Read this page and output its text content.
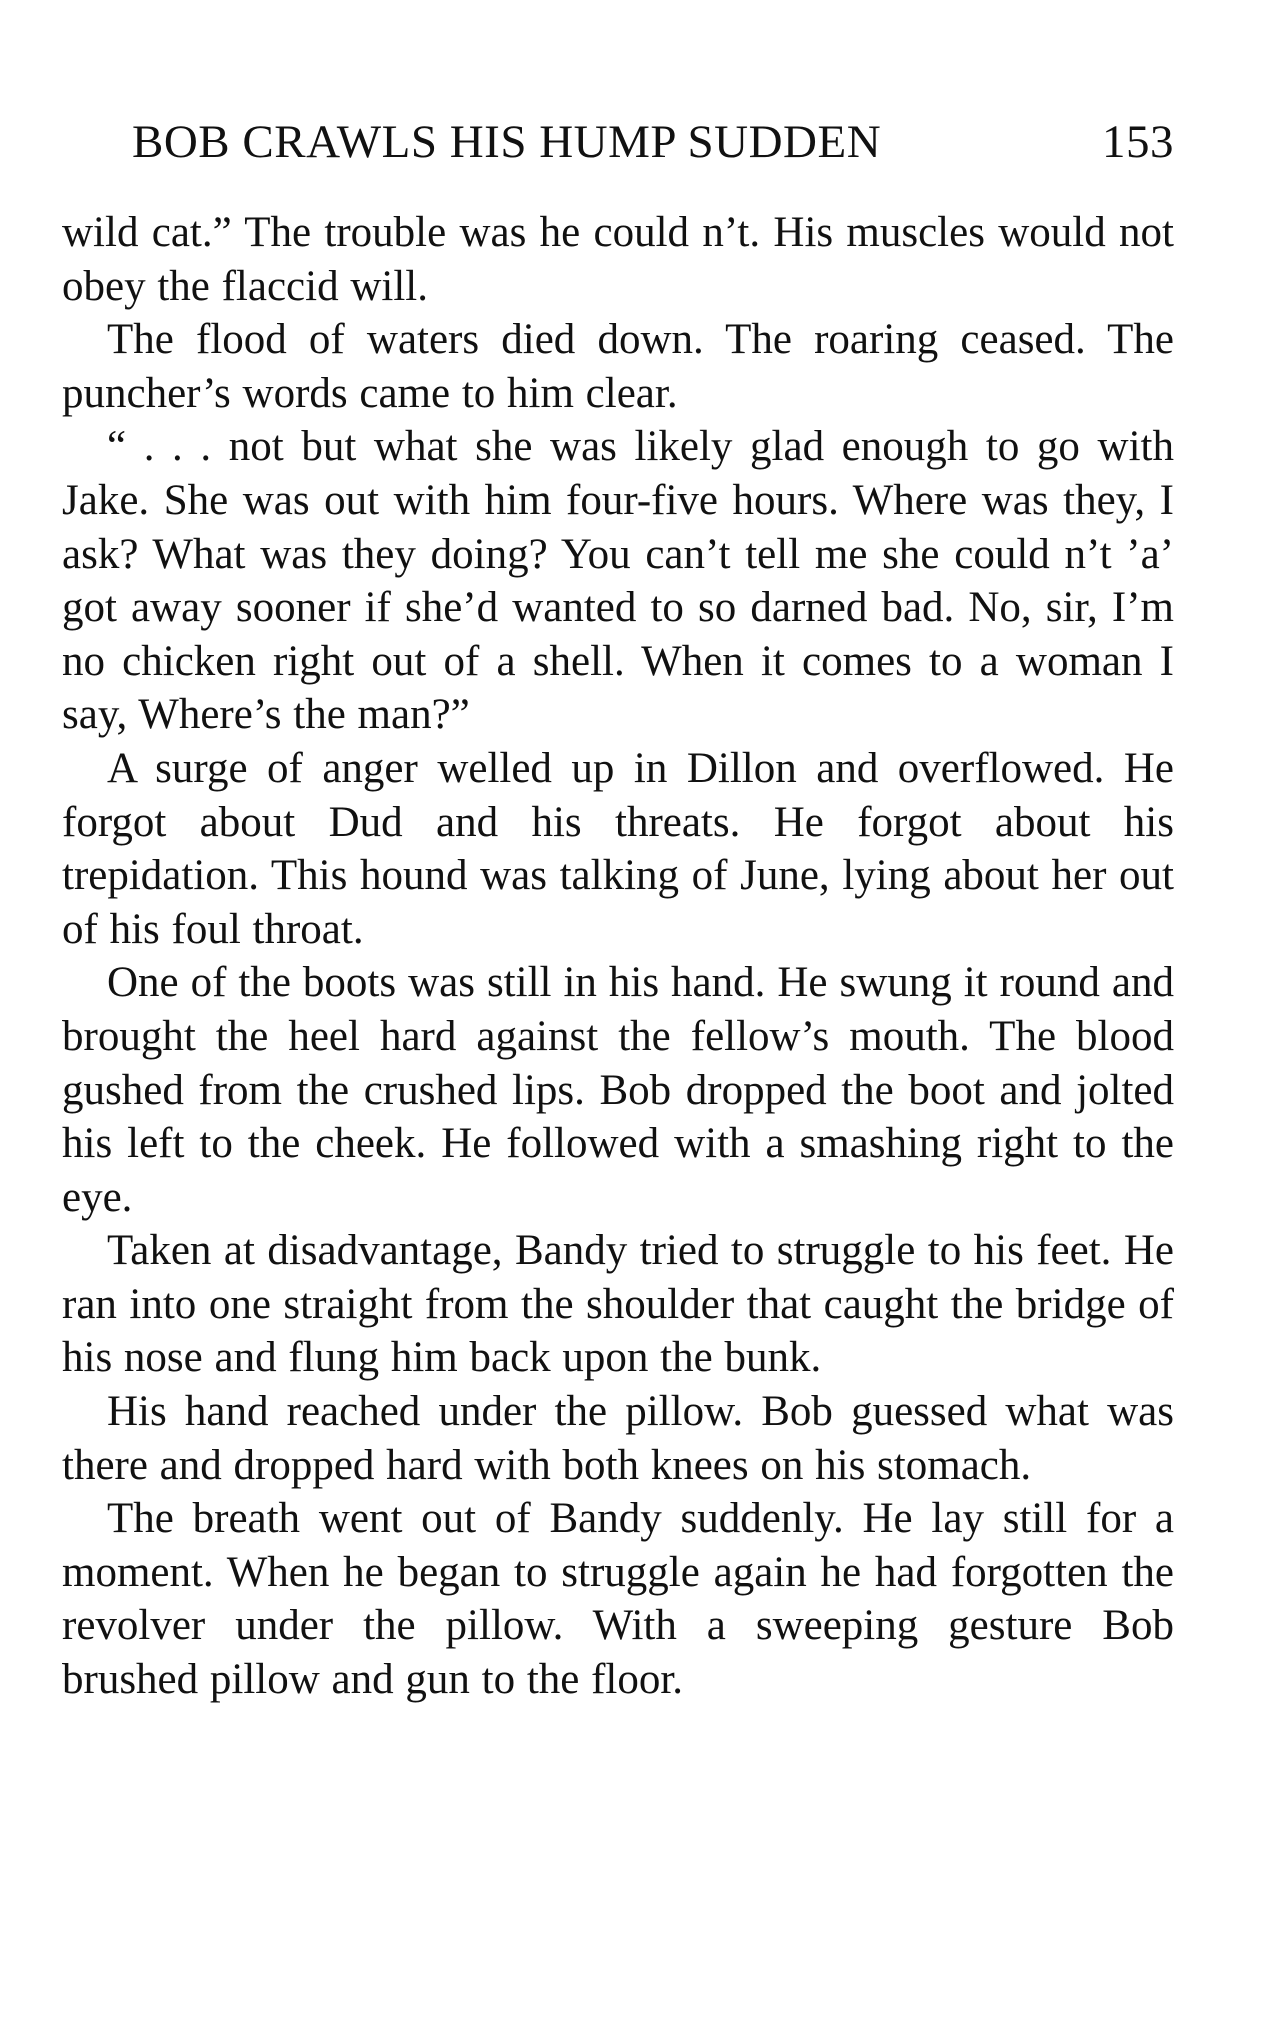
BOB CRAWLS HIS HUMP SUDDEN	153

wild cat.” The trouble was he could n’t. His muscles would not obey the flaccid will.

The flood of waters died down. The roaring ceased. The puncher’s words came to him clear.

“ . . . not but what she was likely glad enough to go with Jake. She was out with him four-five hours. Where was they, I ask? What was they doing? You can’t tell me she could n’t ’a’ got away sooner if she’d wanted to so darned bad. No, sir, I’m no chicken right out of a shell. When it comes to a woman I say, Where’s the man?”

A surge of anger welled up in Dillon and overflowed. He forgot about Dud and his threats. He forgot about his trepidation. This hound was talking of June, lying about her out of his foul throat.

One of the boots was still in his hand. He swung it round and brought the heel hard against the fellow’s mouth. The blood gushed from the crushed lips. Bob dropped the boot and jolted his left to the cheek. He followed with a smashing right to the eye.

Taken at disadvantage, Bandy tried to struggle to his feet. He ran into one straight from the shoulder that caught the bridge of his nose and flung him back upon the bunk.

His hand reached under the pillow. Bob guessed what was there and dropped hard with both knees on his stomach.

The breath went out of Bandy suddenly. He lay still for a moment. When he began to struggle again he had forgotten the revolver under the pillow. With a sweeping gesture Bob brushed pillow and gun to the floor.
